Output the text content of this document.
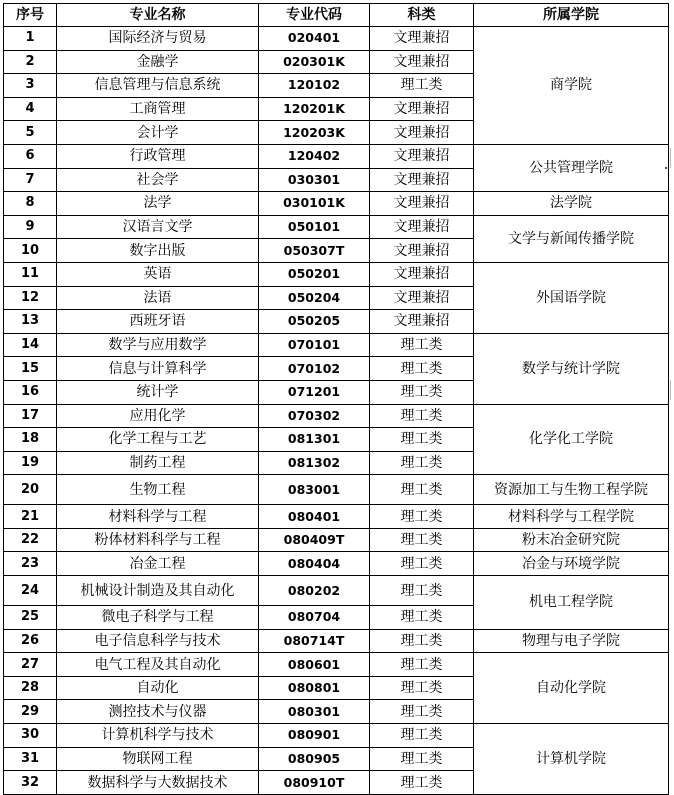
序号	专业名称	专业代码	科类	所属学院
1	国际经济与贸易	020401	文理兼招	商学院
2	金融学	020301K	文理兼招	
3	信息管理与信息系统	120102	理工类	
4	工商管理	120201K	文理兼招	
5	会计学	120203K	文理兼招	
6	行政管理	120402	文理兼招	公共管理学院
7	社会学	030301	文理兼招	
8	法学	030101K	文理兼招	法学院
9	汉语言文学	050101	文理兼招	文学与新闻传播学院
10	数字出版	050307T	文理兼招	
11	英语	050201	文理兼招	外国语学院
12	法语	050204	文理兼招	
13	西班牙语	050205	文理兼招	
14	数学与应用数学	070101	理工类	数学与统计学院
15	信息与计算科学	070102	理工类	
16	统计学	071201	理工类	
17	应用化学	070302	理工类	化学化工学院
18	化学工程与工艺	081301	理工类	
19	制药工程	081302	理工类	
20	生物工程	083001	理工类	资源加工与生物工程学院
21	材料科学与工程	080401	理工类	材料科学与工程学院
22	粉体材料科学与工程	080409T	理工类	粉末冶金研究院
23	冶金工程	080404	理工类	冶金与环境学院
24	机械设计制造及其自动化	080202	理工类	机电工程学院
25	微电子科学与工程	080704	理工类	
26	电子信息科学与技术	080714T	理工类	物理与电子学院
27	电气工程及其自动化	080601	理工类	自动化学院
28	自动化	080801	理工类	
29	测控技术与仪器	080301	理工类	
30	计算机科学与技术	080901	理工类	计算机学院
31	物联网工程	080905	理工类	
32	数据科学与大数据技术	080910T	理工类	
